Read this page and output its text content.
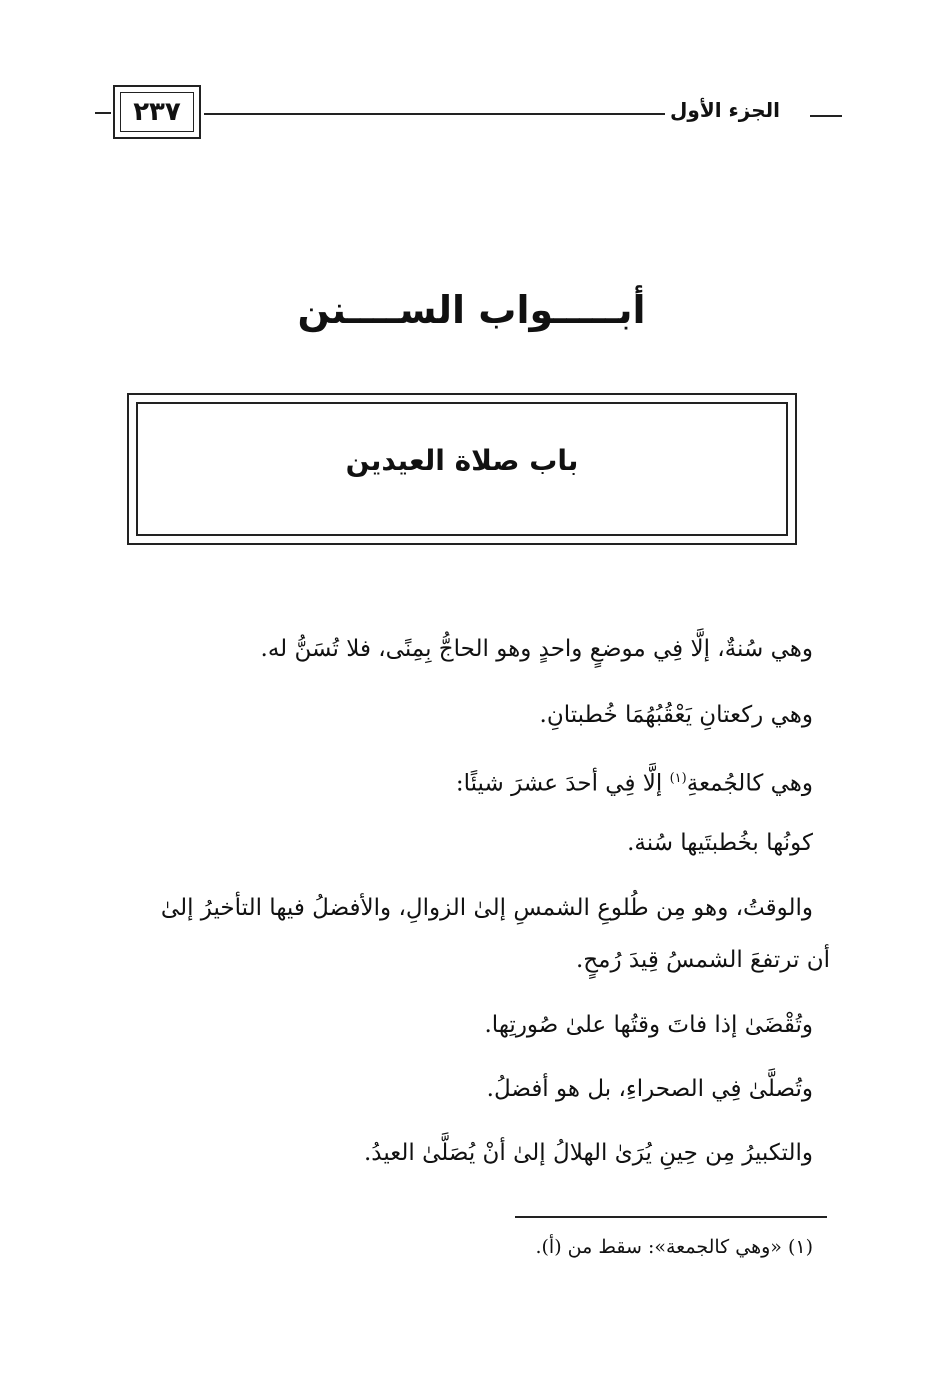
٢٣٧	الجزء الأول
أبـــــواب الســــنن
باب صلاة العيدين
وهي سُنةٌ، إلَّا فِي موضعٍ واحدٍ وهو الحاجُّ بِمِنًى، فلا تُسَنُّ له.
وهي ركعتانِ يَعْقُبُهُمَا خُطبتانِ.
وهي كالجُمعةِ$^{(١)}$ إلَّا فِي أحدَ عشرَ شيئًا:
كونُها بخُطبتَيها سُنة.
والوقتُ، وهو مِن طُلوعِ الشمسِ إلىٰ الزوالِ، والأفضلُ فيها التأخيرُ إلىٰ
أن ترتفعَ الشمسُ قِيدَ رُمحٍ.
وتُقْضَىٰ إذا فاتَ وقتُها علىٰ صُورتِها.
وتُصلَّىٰ فِي الصحراءِ، بل هو أفضلُ.
والتكبيرُ مِن حِينِ يُرَىٰ الهلالُ إلىٰ أنْ يُصَلَّىٰ العيدُ.
(١) «وهي كالجمعة»: سقط من (أ).
